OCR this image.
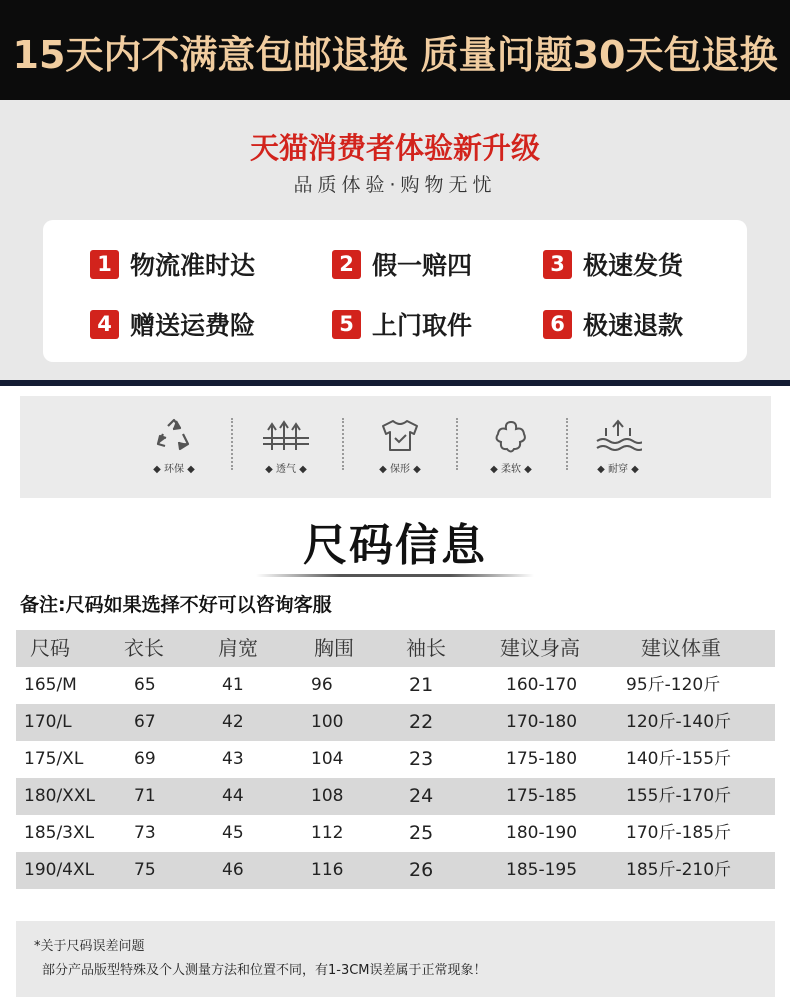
15天内不满意包邮退换 质量问题30天包退换
天猫消费者体验新升级
品质体验·购物无忧
1 物流准时达	2 假一赔四	3 极速发货
4 赠送运费险	5 上门取件	6 极速退款
◆ 环保 ◆	◆ 透气 ◆	◆ 保形 ◆	◆ 柔软 ◆	◆ 耐穿 ◆
尺码信息
备注:尺码如果选择不好可以咨询客服
尺码	衣长	肩宽	胸围	袖长	建议身高	建议体重
165/M	65	41	96	21	160-170	95斤-120斤
170/L	67	42	100	22	170-180	120斤-140斤
175/XL	69	43	104	23	175-180	140斤-155斤
180/XXL 71	44	108	24	175-185	155斤-170斤
185/3XL 73	45	112	25	180-190	170斤-185斤
190/4XL 75	46	116	26	185-195	185斤-210斤
*关于尺码误差问题
部分产品版型特殊及个人测量方法和位置不同，有1-3CM误差属于正常现象！
